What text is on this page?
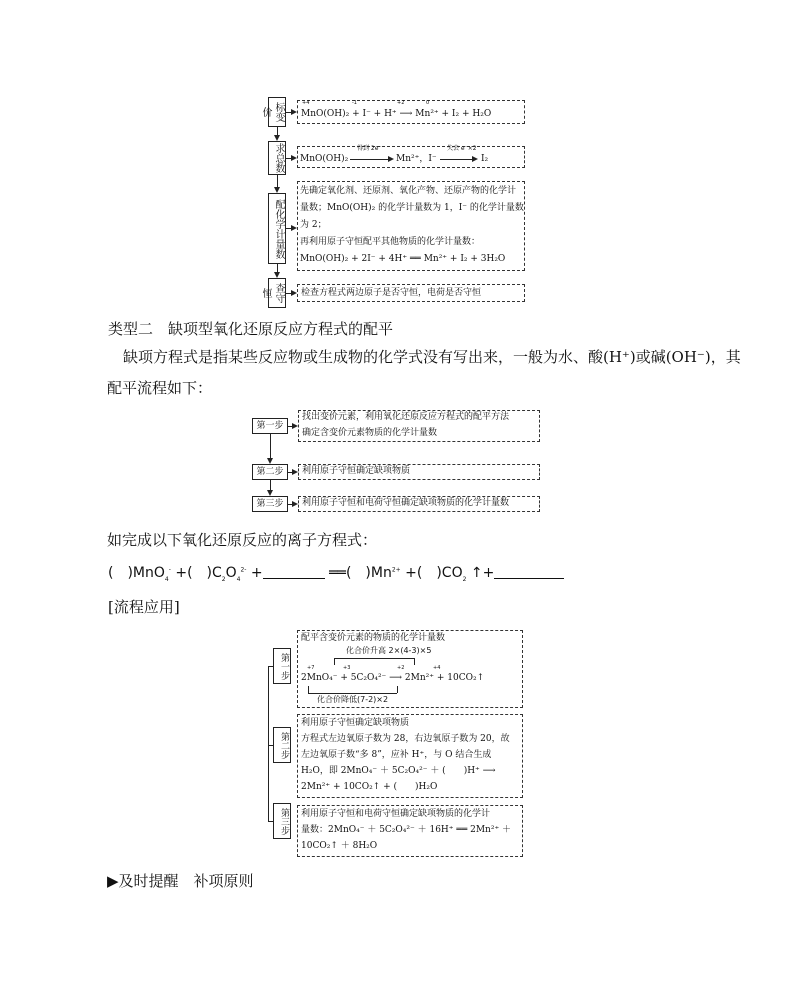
标变价
求总数
配化学计量数
查守恒
+4	-1	+2	0
MnO(OH)₂ + I⁻ + H⁺ ⟶ Mn²⁺ + I₂ + H₂O
MnO(OH)₂
得到 2e⁻
Mn²⁺，I⁻
失去 e⁻×2
I₂
先确定氧化剂、还原剂、氧化产物、还原产物的化学计
量数；MnO(OH)₂ 的化学计量数为 1，I⁻ 的化学计量数
为 2；
再利用原子守恒配平其他物质的化学计量数：
MnO(OH)₂ + 2I⁻ + 4H⁺ ══ Mn²⁺ + I₂ + 3H₂O
检查方程式两边原子是否守恒，电荷是否守恒
类型二　缺项型氧化还原反应方程式的配平
缺项方程式是指某些反应物或生成物的化学式没有写出来，一般为水、酸(H⁺)或碱(OH⁻)，其
配平流程如下：
第一步
第二步
第三步
找出变价元素，利用氧化还原反应方程式的配平方法
确定含变价元素物质的化学计量数
利用原子守恒确定缺项物质
利用原子守恒和电荷守恒确定缺项物质的化学计量数
如完成以下氧化还原反应的离子方程式：
(　)MnO$_4$- +(　)$C_2O_4^{2-}$ +	══(　)$Mn^{2+}$ +(　)$CO_2$ ↑+
[流程应用]
第一步
第二步
第三步
配平含变价元素的物质的化学计量数
化合价升高 2×(4-3)×5
+7	+3	+2	+4
2MnO₄⁻ + 5C₂O₄²⁻ ⟶ 2Mn²⁺ + 10CO₂↑
化合价降低(7-2)×2
利用原子守恒确定缺项物质
方程式左边氧原子数为 28，右边氧原子数为 20，故
左边氧原子数“多 8”，应补 H⁺，与 O 结合生成
H₂O，即 2MnO₄⁻ ＋ 5C₂O₄²⁻ ＋ (　　)H⁺ ⟶
2Mn²⁺ + 10CO₂↑ + (　　)H₂O
利用原子守恒和电荷守恒确定缺项物质的化学计
量数：2MnO₄⁻ ＋ 5C₂O₄²⁻ ＋ 16H⁺ ══ 2Mn²⁺ ＋
10CO₂↑ ＋ 8H₂O
▶及时提醒　补项原则
